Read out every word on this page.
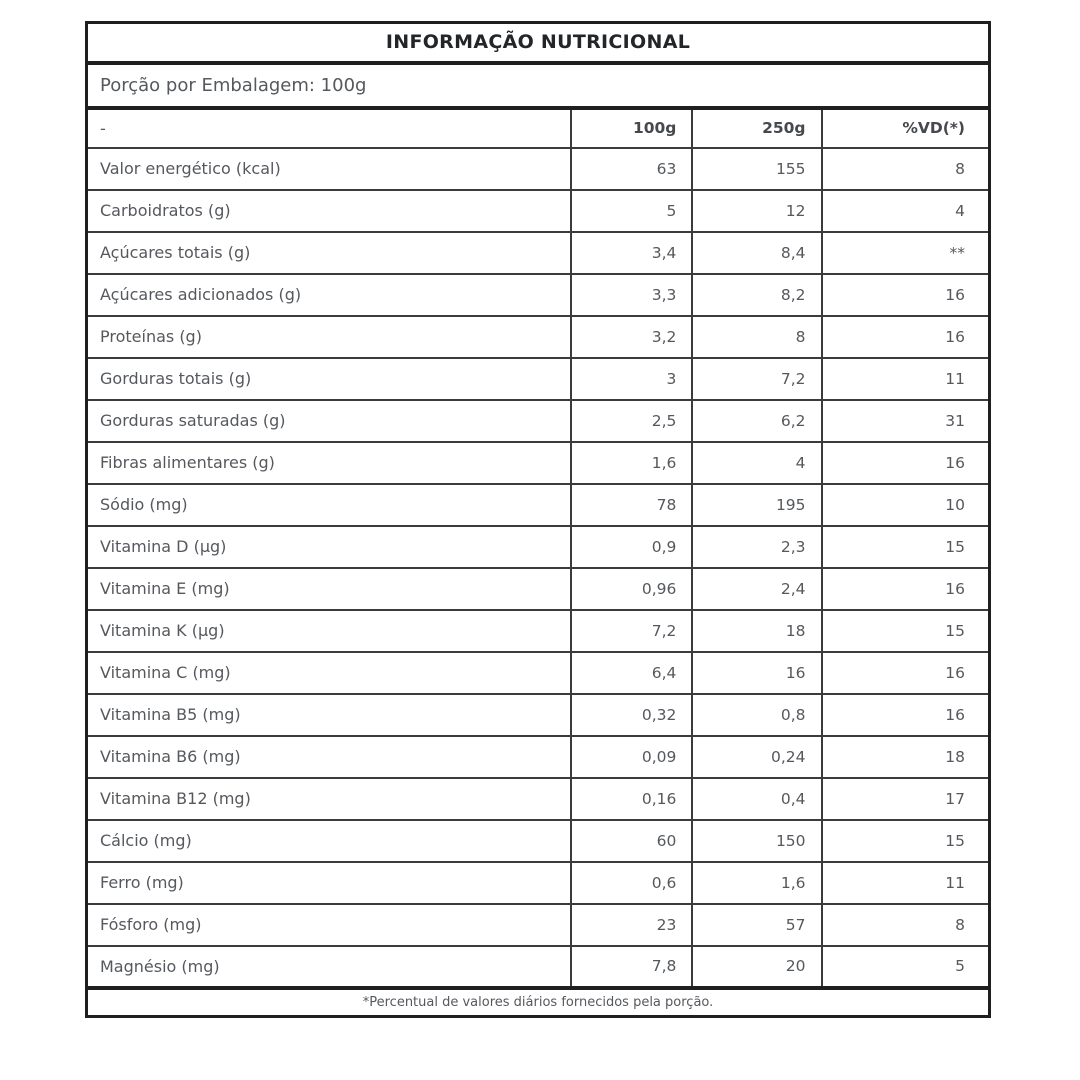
INFORMAÇÃO NUTRICIONAL			
Porção por Embalagem: 100g			
-	100g	250g	%VD(*)
Valor energético (kcal)	63	155	8
Carboidratos (g)	5	12	4
Açúcares totais (g)	3,4	8,4	**
Açúcares adicionados (g)	3,3	8,2	16
Proteínas (g)	3,2	8	16
Gorduras totais (g)	3	7,2	11
Gorduras saturadas (g)	2,5	6,2	31
Fibras alimentares (g)	1,6	4	16
Sódio (mg)	78	195	10
Vitamina D (µg)	0,9	2,3	15
Vitamina E (mg)	0,96	2,4	16
Vitamina K (µg)	7,2	18	15
Vitamina C (mg)	6,4	16	16
Vitamina B5 (mg)	0,32	0,8	16
Vitamina B6 (mg)	0,09	0,24	18
Vitamina B12 (mg)	0,16	0,4	17
Cálcio (mg)	60	150	15
Ferro (mg)	0,6	1,6	11
Fósforo (mg)	23	57	8
Magnésio (mg)	7,8	20	5
*Percentual de valores diários fornecidos pela porção.			
